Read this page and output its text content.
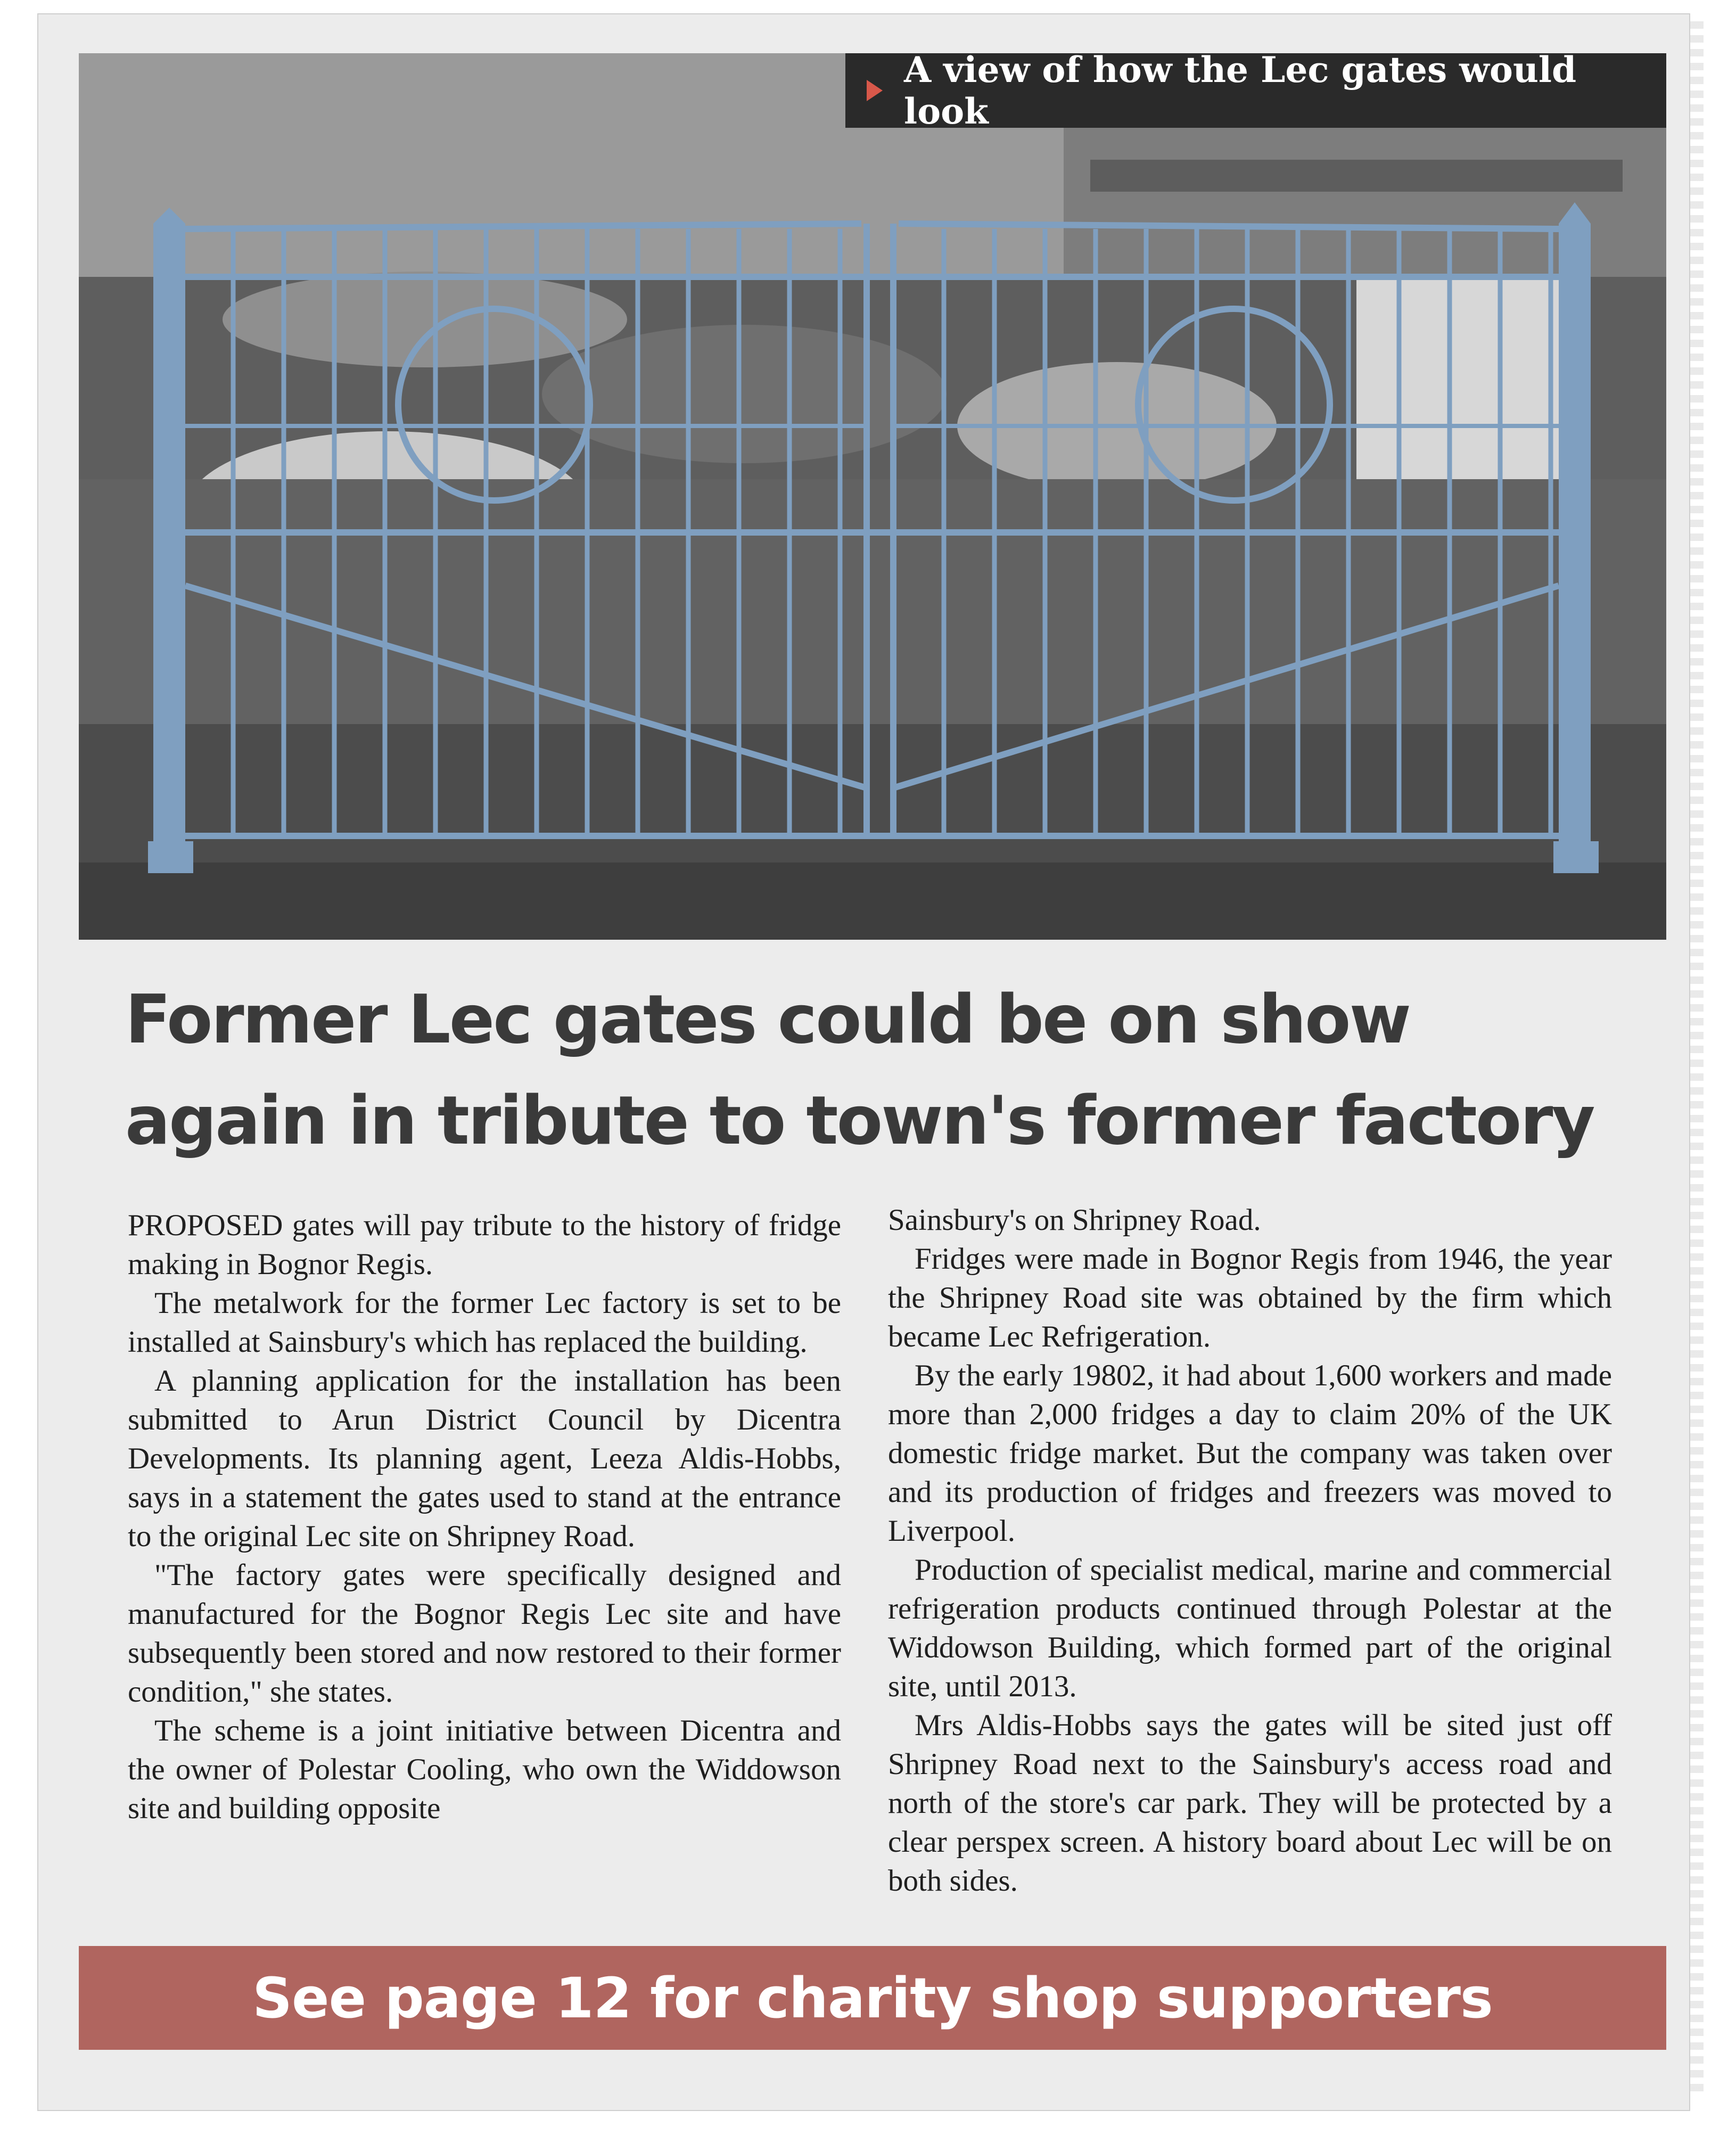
A view of how the Lec gates would look
Former Lec gates could be on show
again in tribute to town's former factory

PROPOSED gates will pay tribute to the history of fridge making in Bognor Regis.

The metalwork for the former Lec factory is set to be installed at Sainsbury's which has replaced the building.

A planning application for the installation has been submitted to Arun District Council by Dicentra Developments. Its planning agent, Leeza Aldis-Hobbs, says in a statement the gates used to stand at the entrance to the original Lec site on Shripney Road.

"The factory gates were specifically designed and manufactured for the Bognor Regis Lec site and have subsequently been stored and now restored to their former condition," she states.

The scheme is a joint initiative between Dicentra and the owner of Polestar Cooling, who own the Widdowson site and building opposite

Sainsbury's on Shripney Road.

Fridges were made in Bognor Regis from 1946, the year the Shripney Road site was obtained by the firm which became Lec Refrigeration.

By the early 19802, it had about 1,600 workers and made more than 2,000 fridges a day to claim 20% of the UK domestic fridge market. But the company was taken over and its production of fridges and freezers was moved to Liverpool.

Production of specialist medical, marine and commercial refrigeration products continued through Polestar at the Widdowson Building, which formed part of the original site, until 2013.

Mrs Aldis-Hobbs says the gates will be sited just off Shripney Road next to the Sainsbury's access road and north of the store's car park. They will be protected by a clear perspex screen. A history board about Lec will be on both sides.

See page 12 for charity shop supporters
